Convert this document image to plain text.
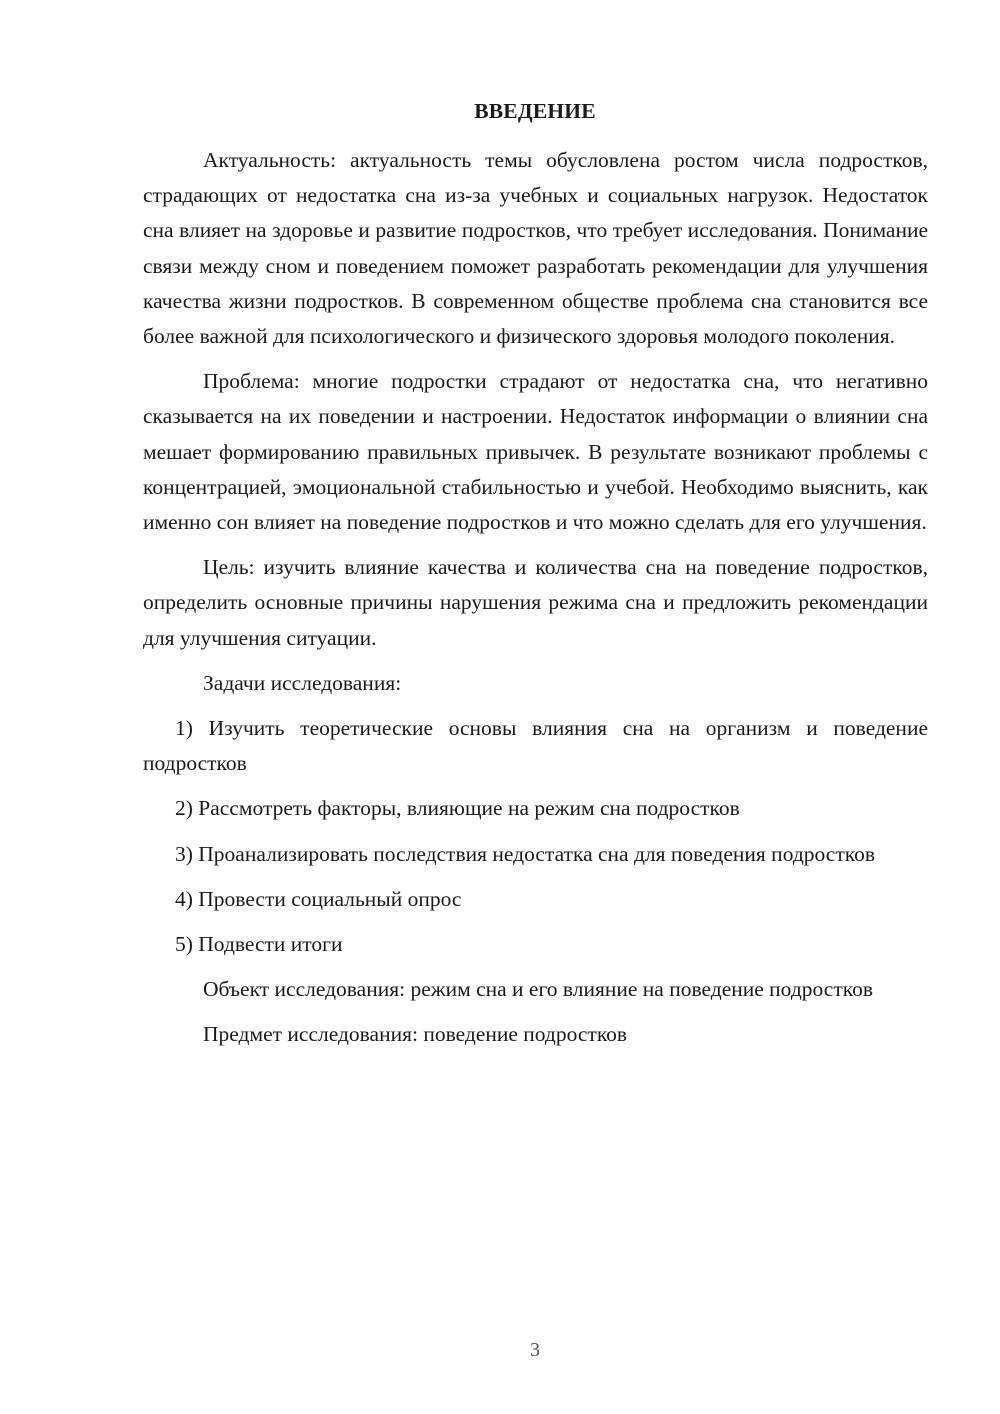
ВВЕДЕНИЕ

Актуальность: актуальность темы обусловлена ростом числа подростков, страдающих от недостатка сна из-за учебных и социальных нагрузок. Недостаток сна влияет на здоровье и развитие подростков, что требует исследования. Понимание связи между сном и поведением поможет разработать рекомендации для улучшения качества жизни подростков. В современном обществе проблема сна становится все более важной для психологического и физического здоровья молодого поколения.

Проблема: многие подростки страдают от недостатка сна, что негативно сказывается на их поведении и настроении. Недостаток информации о влиянии сна мешает формированию правильных привычек. В результате возникают проблемы с концентрацией, эмоциональной стабильностью и учебой. Необходимо выяснить, как именно сон влияет на поведение подростков и что можно сделать для его улучшения.

Цель: изучить влияние качества и количества сна на поведение подростков, определить основные причины нарушения режима сна и предложить рекомендации для улучшения ситуации.

Задачи исследования:

1) Изучить теоретические основы влияния сна на организм и поведение подростков

2) Рассмотреть факторы, влияющие на режим сна подростков

3) Проанализировать последствия недостатка сна для поведения подростков

4) Провести социальный опрос

5) Подвести итоги

Объект исследования: режим сна и его влияние на поведение подростков

Предмет исследования: поведение подростков

3
